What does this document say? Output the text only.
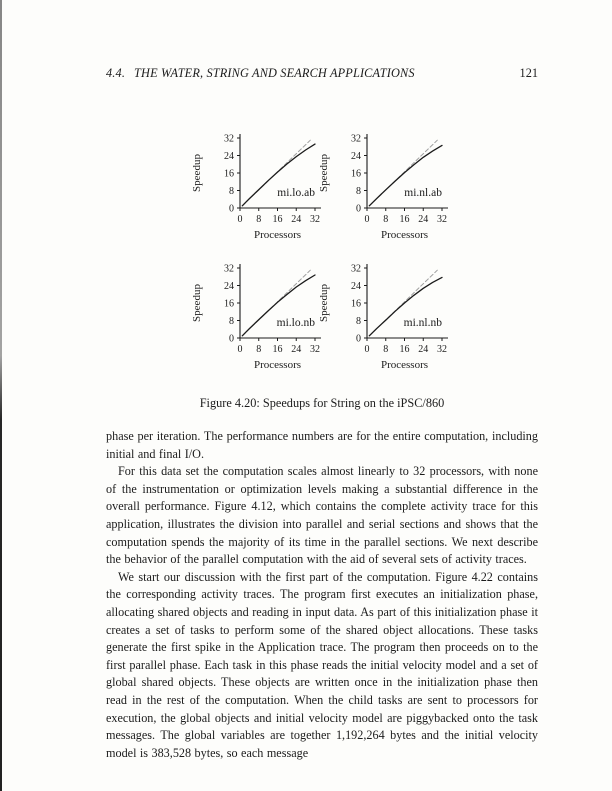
4.4. THE WATER, STRING AND SEARCH APPLICATIONS	121
0 8 16 24 32
0
8
16
24
32
Speedup
Processors
mi.lo.ab
0 8 16 24 32
0
8
16
24
32
Speedup
Processors
mi.nl.ab
0 8 16 24 32
0
8
16
24
32
Speedup
Processors
mi.lo.nb
0 8 16 24 32
0
8
16
24
32
Speedup
Processors
mi.nl.nb
Figure 4.20: Speedups for String on the iPSC/860

phase per iteration. The performance numbers are for the entire computation, including initial and final I/O.

For this data set the computation scales almost linearly to 32 processors, with none of the instrumentation or optimization levels making a substantial difference in the overall performance. Figure 4.12, which contains the complete activity trace for this application, illustrates the division into parallel and serial sections and shows that the computation spends the majority of its time in the parallel sections. We next describe the behavior of the parallel computation with the aid of several sets of activity traces.

We start our discussion with the first part of the computation. Figure 4.22 contains the corresponding activity traces. The program first executes an initialization phase, allocating shared objects and reading in input data. As part of this initialization phase it creates a set of tasks to perform some of the shared object allocations. These tasks generate the first spike in the Application trace. The program then proceeds on to the first parallel phase. Each task in this phase reads the initial velocity model and a set of global shared objects. These objects are written once in the initialization phase then read in the rest of the computation. When the child tasks are sent to processors for execution, the global objects and initial velocity model are piggybacked onto the task messages. The global variables are together 1,192,264 bytes and the initial velocity model is 383,528 bytes, so each message
